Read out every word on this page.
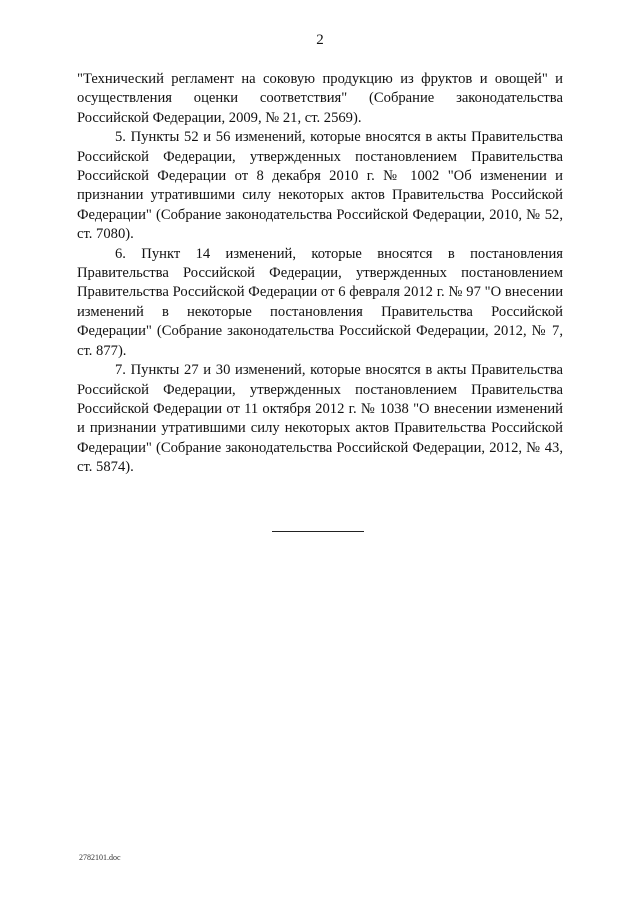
2

"Технический регламент на соковую продукцию из фруктов и овощей" и осуществления оценки соответствия" (Собрание законодательства Российской Федерации, 2009, № 21, ст. 2569).

5. Пункты 52 и 56 изменений, которые вносятся в акты Правительства Российской Федерации, утвержденных постановлением Правительства Российской Федерации от 8 декабря 2010 г. № 1002 "Об изменении и признании утратившими силу некоторых актов Правительства Российской Федерации" (Собрание законодательства Российской Федерации, 2010, № 52, ст. 7080).

6. Пункт 14 изменений, которые вносятся в постановления Правительства Российской Федерации, утвержденных постановлением Правительства Российской Федерации от 6 февраля 2012 г. № 97 "О внесении изменений в некоторые постановления Правительства Российской Федерации" (Собрание законодательства Российской Федерации, 2012, № 7, ст. 877).

7. Пункты 27 и 30 изменений, которые вносятся в акты Правительства Российской Федерации, утвержденных постановлением Правительства Российской Федерации от 11 октября 2012 г. № 1038 "О внесении изменений и признании утратившими силу некоторых актов Правительства Российской Федерации" (Собрание законодательства Российской Федерации, 2012, № 43, ст. 5874).

2782101.doc
